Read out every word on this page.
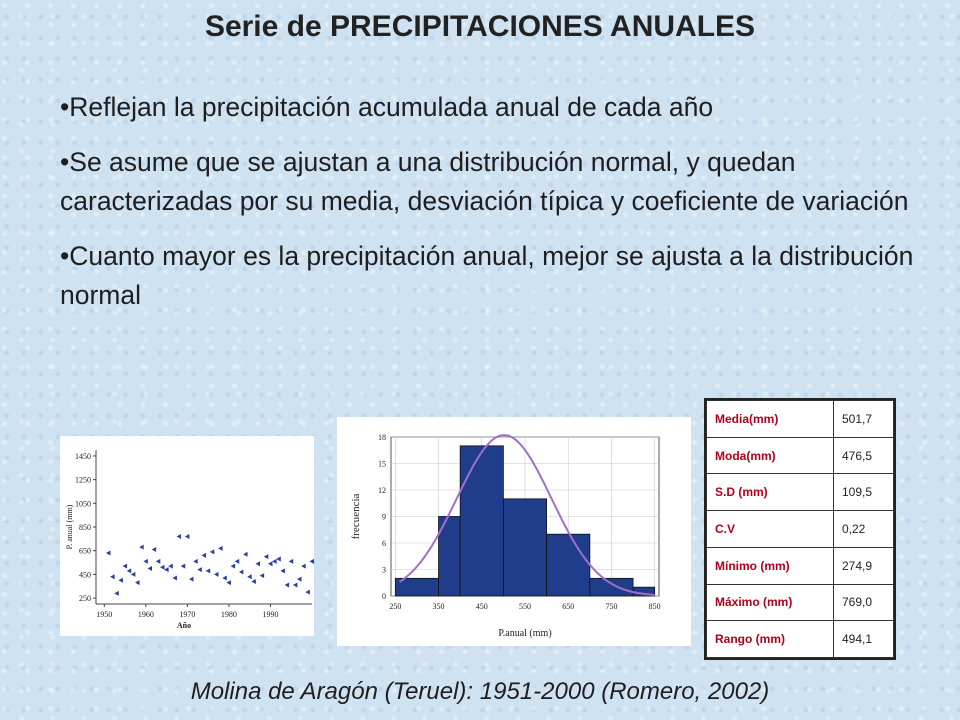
Serie de PRECIPITACIONES ANUALES

•Reflejan la precipitación acumulada anual de cada año

•Se asume que se ajustan a una distribución normal, y quedan caracterizadas por su media, desviación típica y coeficiente de variación

•Cuanto mayor es la precipitación anual, mejor se ajusta a la distribución normal

250
450
650
850
1050
1250
1450
1950	1960	1970	1980	1990
Año
P. anual (mm)
0
3
6
9
12
15
18
250	350	450	550	650	750	850
P.anual (mm)
frecuencia
Media(mm)	501,7
Moda(mm)	476,5
S.D (mm)	109,5
C.V	0,22
Mínimo (mm)	274,9
Máximo (mm)	769,0
Rango (mm)	494,1
Molina de Aragón (Teruel): 1951-2000 (Romero, 2002)
